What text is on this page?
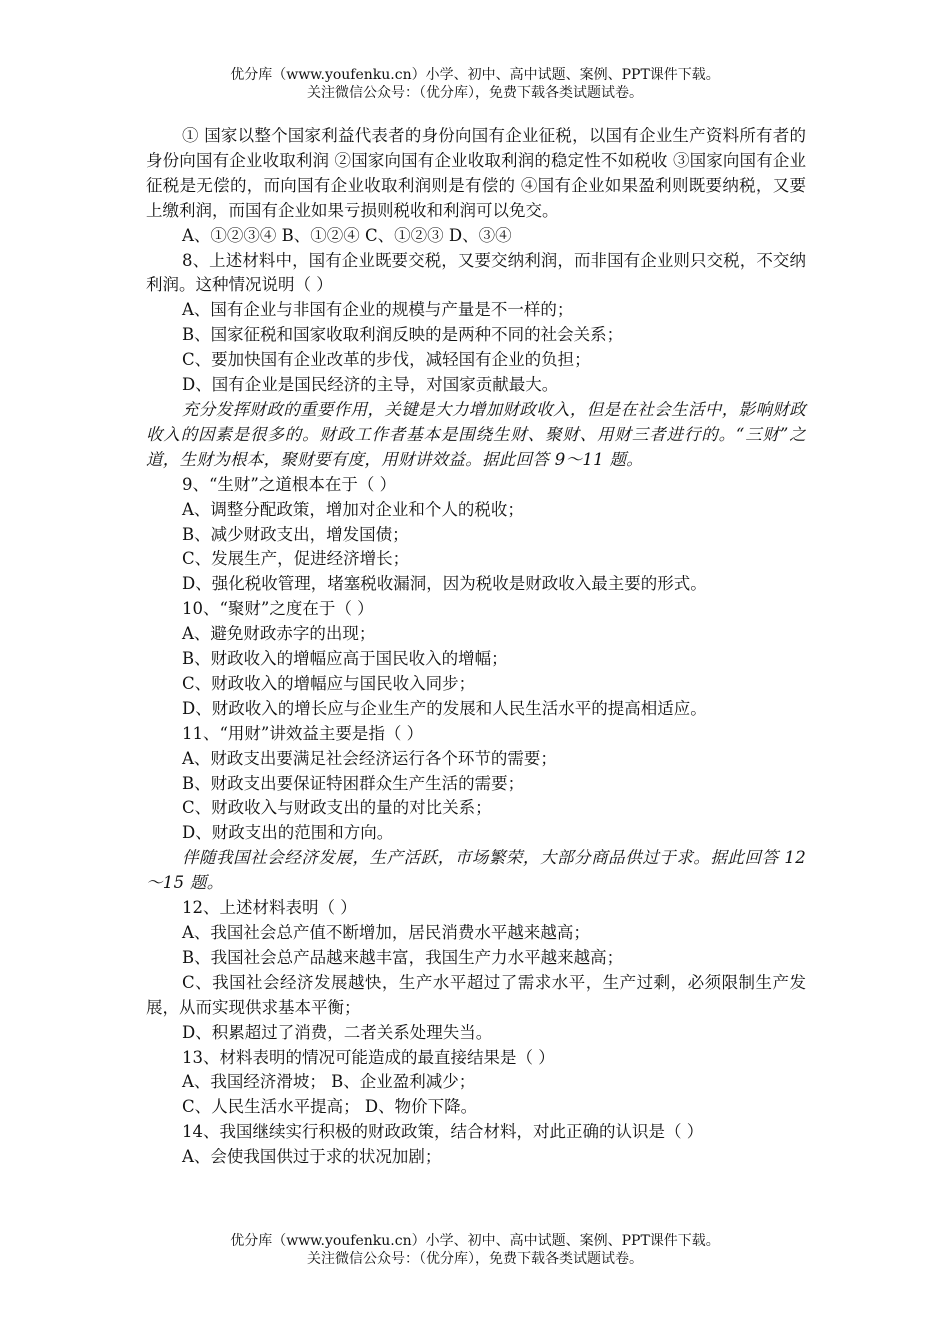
优分库（www.youfenku.cn）小学、初中、高中试题、案例、PPT课件下载。
关注微信公众号：（优分库），免费下载各类试题试卷。

① 国家以整个国家利益代表者的身份向国有企业征税，以国有企业生产资料所有者的身份向国有企业收取利润 ②国家向国有企业收取利润的稳定性不如税收 ③国家向国有企业征税是无偿的，而向国有企业收取利润则是有偿的 ④国有企业如果盈利则既要纳税，又要上缴利润，而国有企业如果亏损则税收和利润可以免交。

A、①②③④ B、①②④ C、①②③ D、③④

8、上述材料中，国有企业既要交税，又要交纳利润，而非国有企业则只交税，不交纳利润。这种情况说明（ ）

A、国有企业与非国有企业的规模与产量是不一样的；

B、国家征税和国家收取利润反映的是两种不同的社会关系；

C、要加快国有企业改革的步伐，减轻国有企业的负担；

D、国有企业是国民经济的主导，对国家贡献最大。

充分发挥财政的重要作用，关键是大力增加财政收入，但是在社会生活中，影响财政收入的因素是很多的。财政工作者基本是围绕生财、聚财、用财三者进行的。“三财”之道，生财为根本，聚财要有度，用财讲效益。据此回答 9～11 题。

9、“生财”之道根本在于（ ）

A、调整分配政策，增加对企业和个人的税收；

B、减少财政支出，增发国债；

C、发展生产，促进经济增长；

D、强化税收管理，堵塞税收漏洞，因为税收是财政收入最主要的形式。

10、“聚财”之度在于（ ）

A、避免财政赤字的出现；

B、财政收入的增幅应高于国民收入的增幅；

C、财政收入的增幅应与国民收入同步；

D、财政收入的增长应与企业生产的发展和人民生活水平的提高相适应。

11、“用财”讲效益主要是指（ ）

A、财政支出要满足社会经济运行各个环节的需要；

B、财政支出要保证特困群众生产生活的需要；

C、财政收入与财政支出的量的对比关系；

D、财政支出的范围和方向。

伴随我国社会经济发展，生产活跃，市场繁荣，大部分商品供过于求。据此回答 12～15 题。

12、上述材料表明（ ）

A、我国社会总产值不断增加，居民消费水平越来越高；

B、我国社会总产品越来越丰富，我国生产力水平越来越高；

C、我国社会经济发展越快，生产水平超过了需求水平，生产过剩，必须限制生产发展，从而实现供求基本平衡；

D、积累超过了消费，二者关系处理失当。

13、材料表明的情况可能造成的最直接结果是（ ）

A、我国经济滑坡； B、企业盈利减少；

C、人民生活水平提高； D、物价下降。

14、我国继续实行积极的财政政策，结合材料，对此正确的认识是（ ）

A、会使我国供过于求的状况加剧；

优分库（www.youfenku.cn）小学、初中、高中试题、案例、PPT课件下载。
关注微信公众号：（优分库），免费下载各类试题试卷。
